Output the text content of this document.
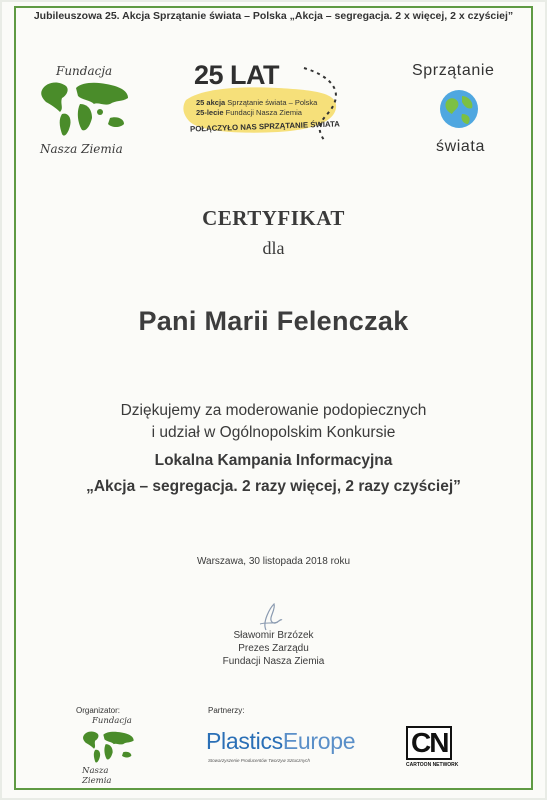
Jubileuszowa 25. Akcja Sprzątanie świata – Polska „Akcja – segregacja. 2 x więcej, 2 x czyściej”
Fundacja
Nasza Ziemia
25 LAT
25 akcja Sprzątanie świata – Polska
25-lecie Fundacji Nasza Ziemia
POŁĄCZYŁO NAS SPRZĄTANIE ŚWIATA
Sprzątanie
świata
CERTYFIKAT
dla
Pani Marii Felenczak
Dziękujemy za moderowanie podopiecznych
i udział w Ogólnopolskim Konkursie
Lokalna Kampania Informacyjna
„Akcja – segregacja. 2 razy więcej, 2 razy czyściej”
Warszawa, 30 listopada 2018 roku
Sławomir Brzózek
Prezes Zarządu
Fundacji Nasza Ziemia
Organizator:
Fundacja
Nasza Ziemia
Partnerzy:
PlasticsEurope
Stowarzyszenie Producentów Tworzyw Sztucznych
CN
CARTOON NETWORK
